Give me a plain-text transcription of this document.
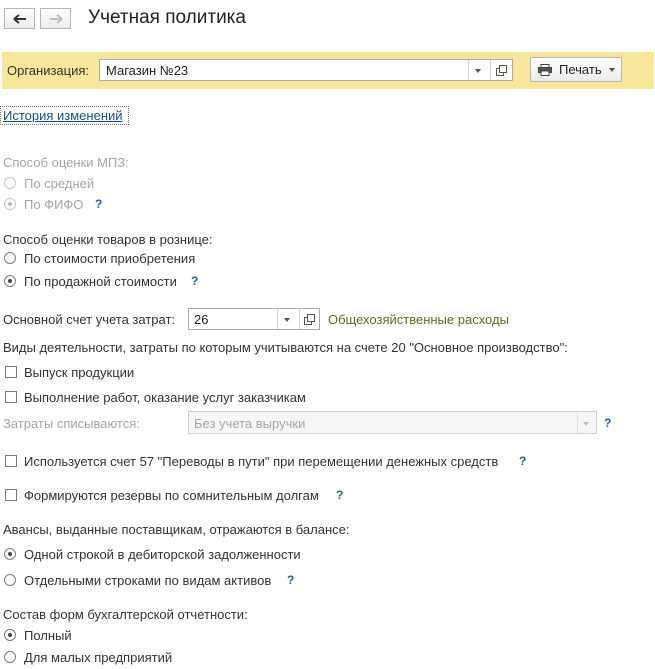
Учетная политика
Организация: Магазин №23	Печать
История изменений
Способ оценки МПЗ:
По средней
По ФИФО ?
Способ оценки товаров в рознице:
По стоимости приобретения
По продажной стоимости ?
Основной счет учета затрат: 26	Общехозяйственные расходы
Виды деятельности, затраты по которым учитываются на счете 20 "Основное производство":
Выпуск продукции
Выполнение работ, оказание услуг заказчикам
Затраты списываются:	Без учета выручки	?
Используется счет 57 "Переводы в пути" при перемещении денежных средств ?
Формируются резервы по сомнительным долгам ?
Авансы, выданные поставщикам, отражаются в балансе:
Одной строкой в дебиторской задолженности
Отдельными строками по видам активов ?
Состав форм бухгалтерской отчетности:
Полный
Для малых предприятий
